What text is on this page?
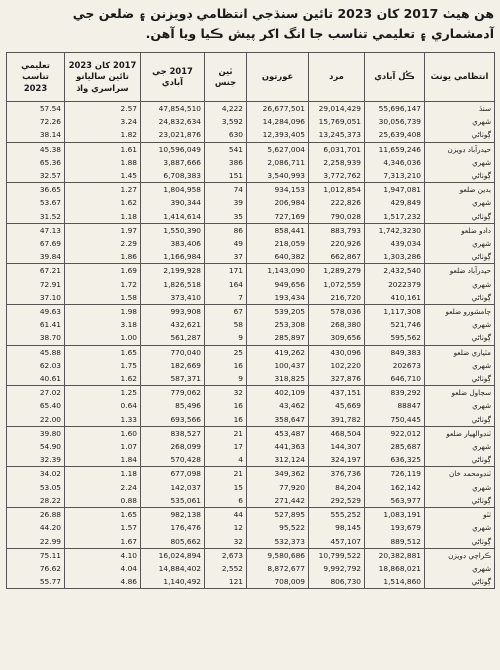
هن هيٺ 2017 کان 2023 تائين سنڌجي انتظامي ڊويزنن ۽ ضلعن جي آدمشماري ۽ تعليمي تناسب جا انگ اکر پيش ڪيا ويا آهن.
تعليمي تناسب 2023	2017 کان 2023 تائين ساليانو سراسري واڌ	2017 جي آبادي	ٽين جنس	عورتون	مرد	ڪُل آبادي	انتظامي يونٽ
57.54	2.57	47,854,510	4,222	26,677,501	29,014,429	55,696,147	سنڌ
72.26	3.24	24,832,634	3,592	14,284,096	15,769,051	30,056,739	شهري
38.14	1.82	23,021,876	630	12,393,405	13,245,373	25,639,408	ڳوٺاڻي
45.38	1.61	10,596,049	541	5,627,004	6,031,701	11,659,246	حيدرآباد ڊويزن
65.36	1.88	3,887,666	386	2,086,711	2,258,939	4,346,036	شهري
32.57	1.45	6,708,383	151	3,540,993	3,772,762	7,313,210	ڳوٺاڻي
36.65	1.27	1,804,958	74	934,153	1,012,854	1,947,081	بدين ضلعو
53.67	1.62	390,344	39	206,984	222,826	429,849	شهري
31.52	1.18	1,414,614	35	727,169	790,028	1,517,232	ڳوٺاڻي
47.13	1.97	1,550,390	86	858,441	883,793	1,742,3230	دادو ضلعو
67.69	2.29	383,406	49	218,059	220,926	439,034	شهري
39.84	1.86	1,166,984	37	640,382	662,867	1,303,286	ڳوٺاڻي
67.21	1.69	2,199,928	171	1,143,090	1,289,279	2,432,540	حيدرآباد ضلعو
72.91	1.72	1,826,518	164	949,656	1,072,559	2022379	شهري
37.10	1.58	373,410	7	193,434	216,720	410,161	ڳوٺاڻي
49.63	1.98	993,908	67	539,205	578,036	1,117,308	ڄامشورو ضلعو
61.41	3.18	432,621	58	253,308	268,380	521,746	شهري
38.70	1.00	561,287	9	285,897	309,656	595,562	ڳوٺاڻي
45.88	1.65	770,040	25	419,262	430,096	849,383	مٽياري ضلعو
62.03	1.75	182,669	16	100,437	102,220	202673	شهري
40.61	1.62	587,371	9	318,825	327,876	646,710	ڳوٺاڻي
27.02	1.25	779,062	32	402,109	437,151	839,292	سجاول ضلعو
65.40	0.64	85,496	16	43,462	45,669	88847	شهري
22.00	1.33	693,566	16	358,647	391,782	750,445	ڳوٺاڻي
39.80	1.60	838,527	21	453,487	468,504	922,012	ٽنڊوالهيار ضلعو
54.90	1.07	268,099	17	441,363	144,307	285,687	شهري
32.39	1.84	570,428	4	312,124	324,197	636,325	ڳوٺاڻي
34.02	1.18	677,098	21	349,362	376,736	726,119	ٽنڊومحمد خان
53.05	2.24	142,037	15	77,920	84,204	162,142	شهري
28.22	0.88	535,061	6	271,442	292,529	563,977	ڳوٺاڻي
26.88	1.65	982,138	44	527,895	555,252	1,083,191	ٺٽو
44.20	1.57	176,476	12	95,522	98,145	193,679	شهري
22.99	1.67	805,662	32	532,373	457,107	889,512	ڳوٺاڻي
75.11	4.10	16,024,894	2,673	9,580,686	10,799,522	20,382,881	ڪراچي ڊويزن
76.62	4.04	14,884,402	2,552	8,872,677	9,992,792	18,868,021	شهري
55.77	4.86	1,140,492	121	708,009	806,730	1,514,860	ڳوٺاڻي
